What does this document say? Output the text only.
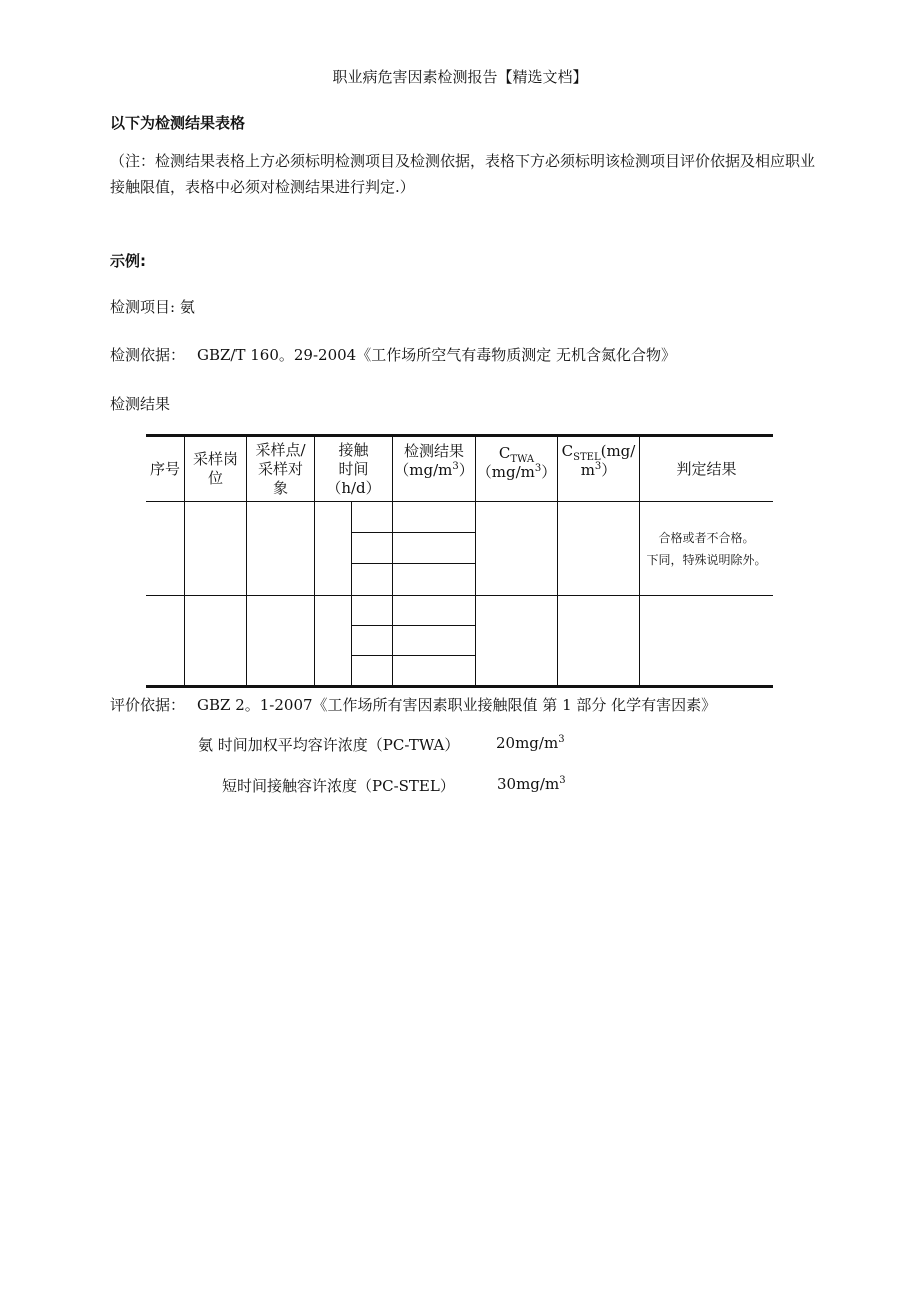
职业病危害因素检测报告【精选文档】
以下为检测结果表格
（注：检测结果表格上方必须标明检测项目及检测依据，表格下方必须标明该检测项目评价依据及相应职业接触限值，表格中必须对检测结果进行判定.）
示例:
检测项目: 氨
检测依据： GBZ/T 160。29-2004《工作场所空气有毒物质测定 无机含氮化合物》
检测结果
序号
采样岗
位
采样点/
采样对
象
接触
时间
（h/d）
检测结果
$(mg/m^3)$
$C_{TWA}$
$(mg/m^3)$
$C_{STEL}(mg/$
$m^3$）	判定结果
合格或者不合格。
下同，特殊说明除外。
评价依据： GBZ 2。1-2007《工作场所有害因素职业接触限值 第 1 部分 化学有害因素》
氨 时间加权平均容许浓度（PC-TWA） $20mg/m^3$
短时间接触容许浓度（PC-STEL）	$30mg/m^3$
